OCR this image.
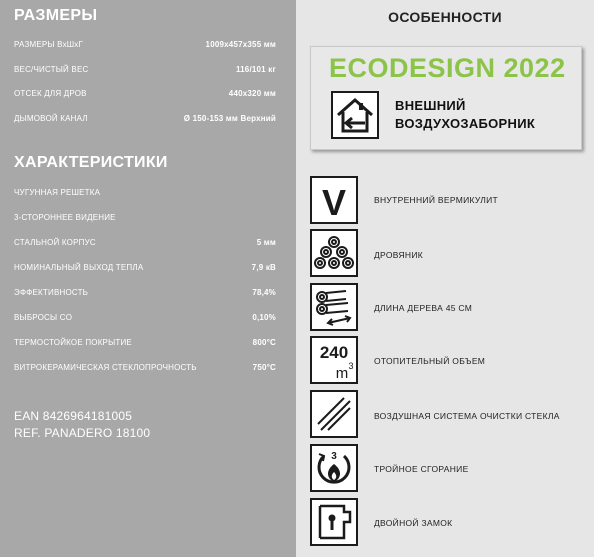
РАЗМЕРЫ
РАЗМЕРЫ ВхШхГ	1009x457x355 мм
ВЕС/ЧИСТЫЙ ВЕС	116/101 кг
ОТСЕК ДЛЯ ДРОВ	440x320 мм
ДЫМОВОЙ КАНАЛ	Ø 150-153 мм Верхний
ХАРАКТЕРИСТИКИ
ЧУГУННАЯ РЕШЕТКА
3-СТОРОННЕЕ ВИДЕНИЕ
СТАЛЬНОЙ КОРПУС	5 мм
НОМИНАЛЬНЫЙ ВЫХОД ТЕПЛА	7,9 кВ
ЭФФЕКТИВНОСТЬ	78,4%
ВЫБРОСЫ CO	0,10%
ТЕРМОСТОЙКОЕ ПОКРЫТИЕ	800°C
ВИТРОКЕРАМИЧЕСКАЯ СТЕКЛОПРОЧНОСТЬ	750°C
EAN 8426964181005
REF. PANADERO 18100
ОСОБЕННОСТИ
ECODESIGN 2022
ВНЕШНИЙ
ВОЗДУХОЗАБОРНИК
V	ВНУТРЕННИЙ ВЕРМИКУЛИТ
ДРОВЯНИК
ДЛИНА ДЕРЕВА 45 СМ
240
m 3 ОТОПИТЕЛЬНЫЙ ОБЪЕМ
ВОЗДУШНАЯ СИСТЕМА ОЧИСТКИ СТЕКЛА
3
ТРОЙНОЕ СГОРАНИЕ
ДВОЙНОЙ ЗАМОК
